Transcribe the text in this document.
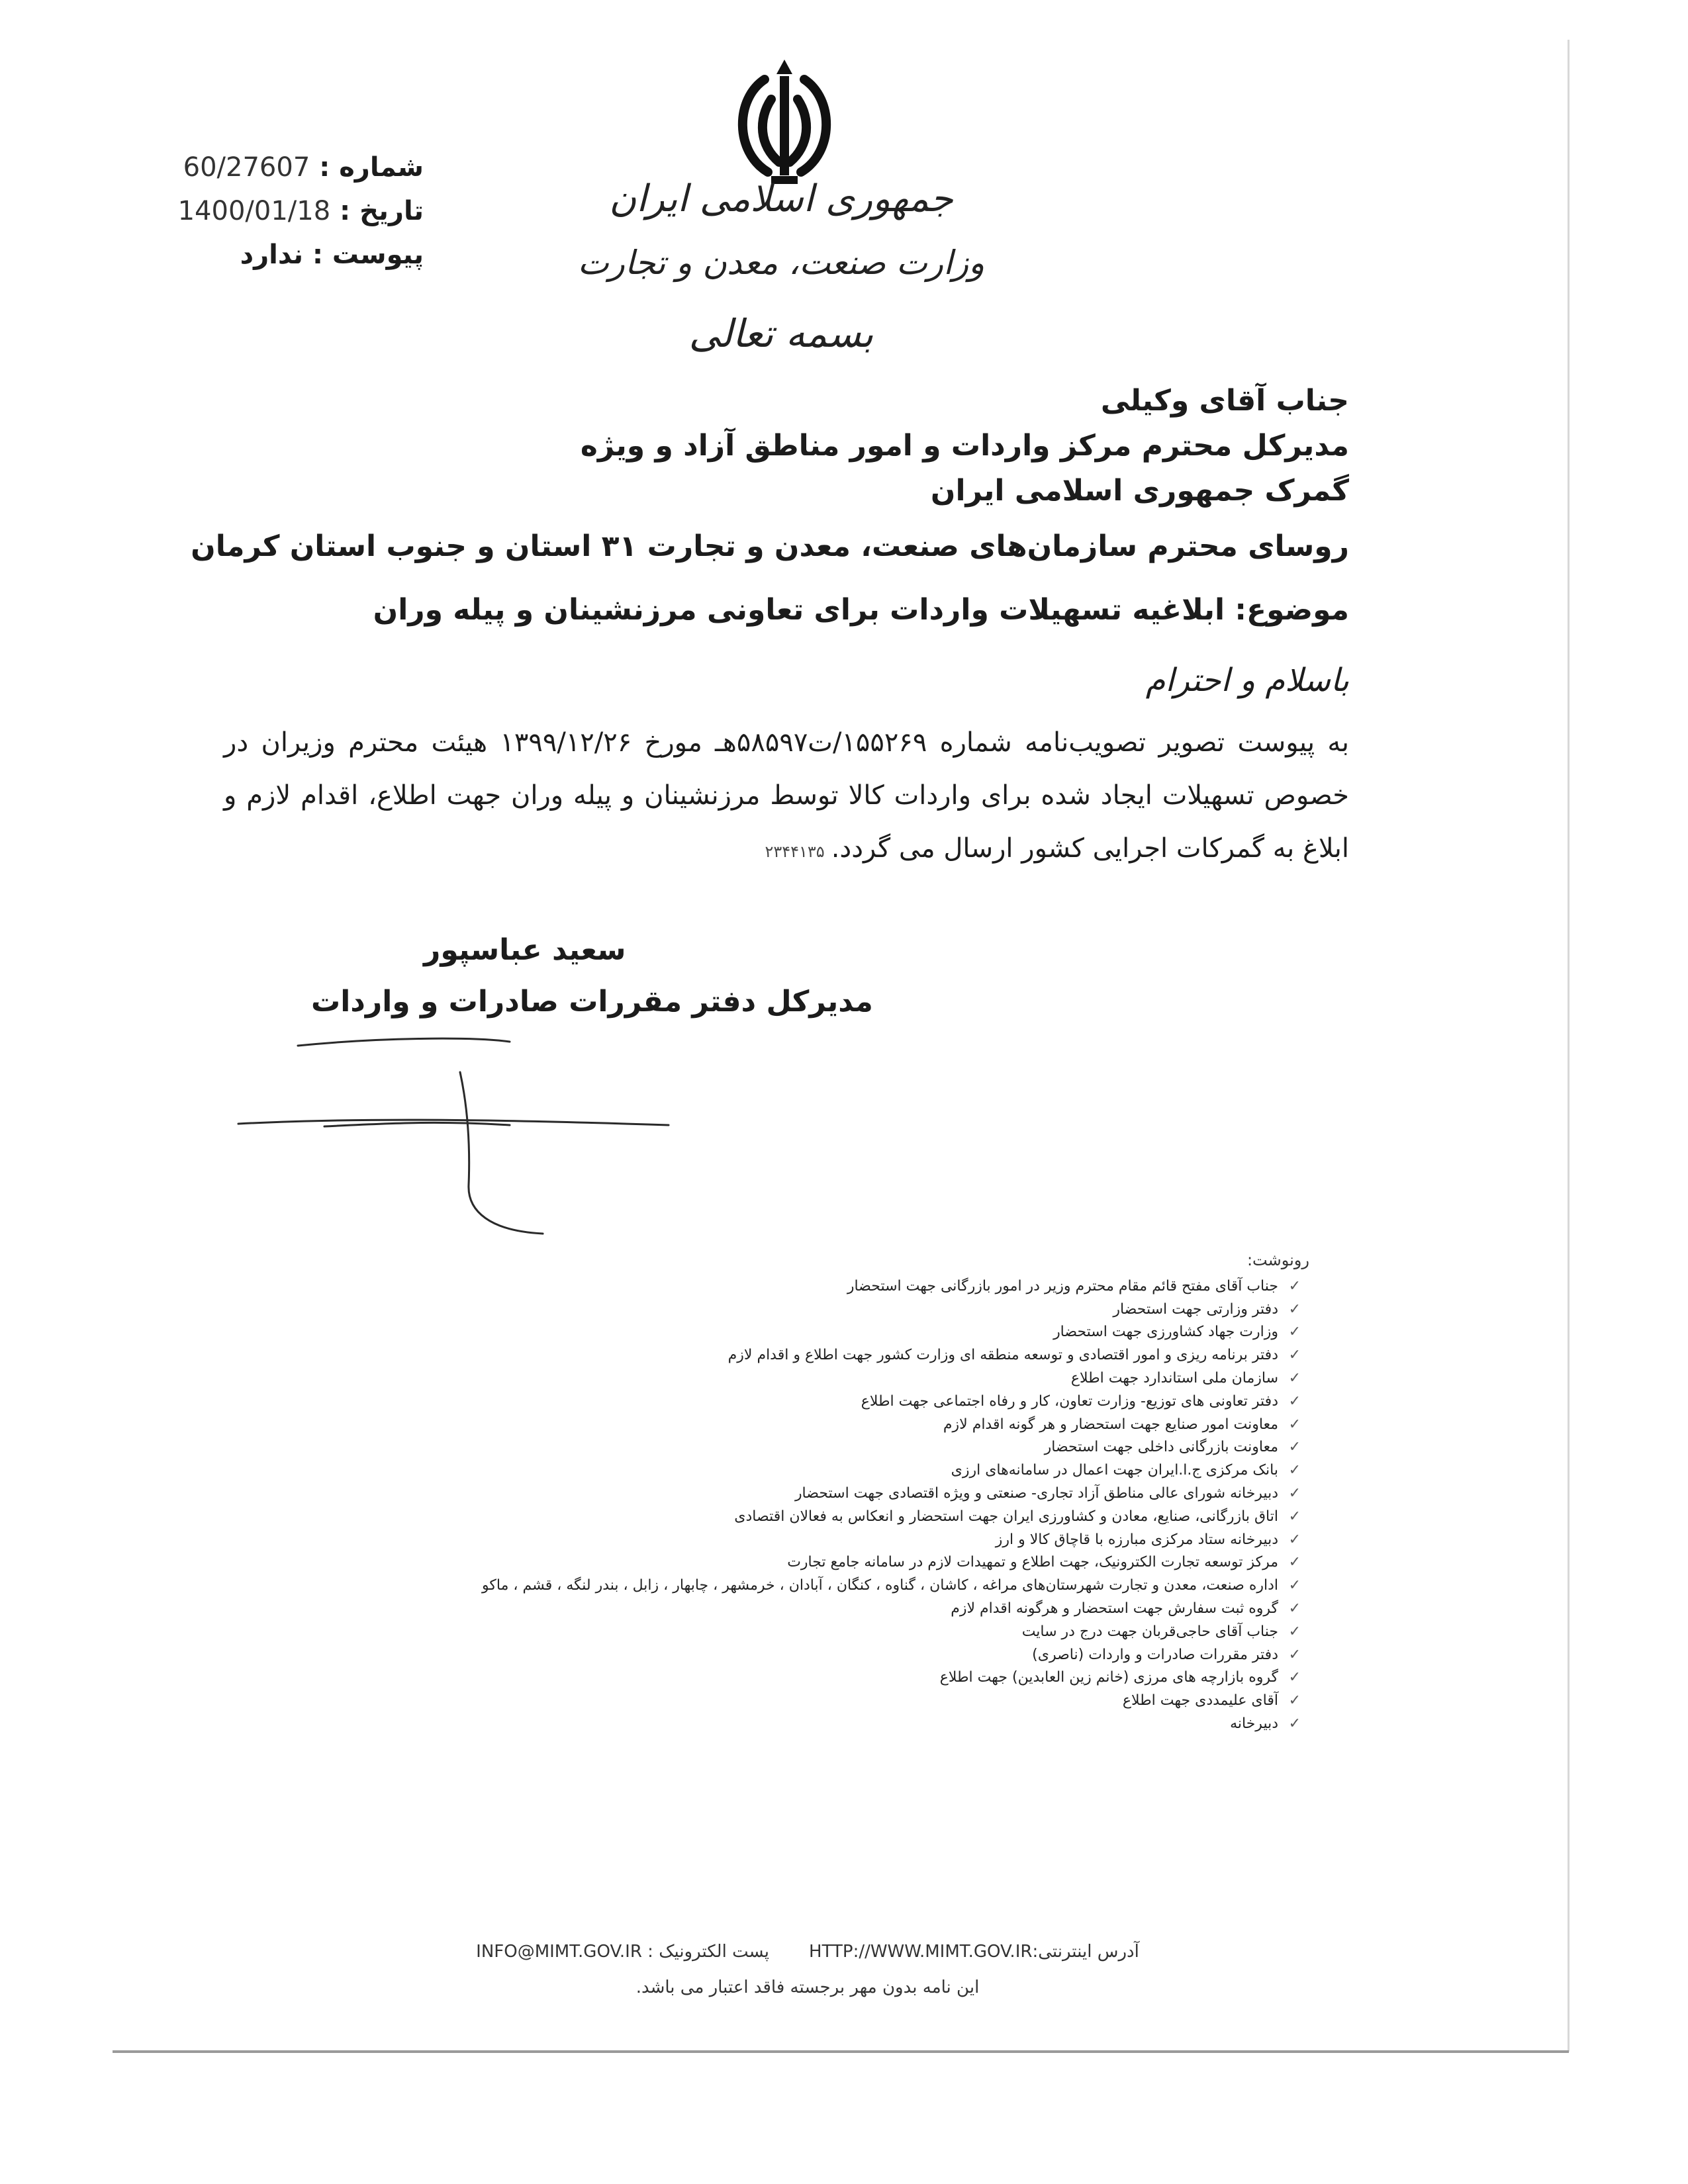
جمهوری اسلامی ایران
وزارت صنعت، معدن و تجارت
بسمه تعالی
شماره :
60/27607
تاریخ :
1400/01/18
پیوست :
ندارد
جناب آقای وکیلی
مدیرکل محترم مرکز واردات و امور مناطق آزاد و ویژه
گمرک جمهوری اسلامی ایران
روسای محترم سازمان‌های صنعت، معدن و تجارت ۳۱ استان و جنوب استان کرمان
موضوع: ابلاغیه تسهیلات واردات برای تعاونی مرزنشینان و پیله وران
باسلام و احترام
به پیوست تصویر تصویب‌نامه شماره ۱۵۵۲۶۹/ت۵۸۵۹۷هـ مورخ ۱۳۹۹/۱۲/۲۶ هیئت محترم وزیران در خصوص تسهیلات ایجاد شده برای واردات کالا توسط مرزنشینان و پیله وران جهت اطلاع، اقدام لازم و ابلاغ به گمرکات اجرایی کشور ارسال می گردد.۲۳۴۴۱۳۵
سعید عباسپور
مدیرکل دفتر مقررات صادرات و واردات
رونوشت:
✓
جناب آقای مفتح قائم مقام محترم وزیر در امور بازرگانی جهت استحضار
✓
دفتر وزارتی جهت استحضار
✓
وزارت جهاد کشاورزی جهت استحضار
✓
دفتر برنامه ریزی و امور اقتصادی و توسعه منطقه ای وزارت کشور جهت اطلاع و اقدام لازم
✓
سازمان ملی استاندارد جهت اطلاع
✓
دفتر تعاونی های توزیع- وزارت تعاون، کار و رفاه اجتماعی جهت اطلاع
✓
معاونت امور صنایع جهت استحضار و هر گونه اقدام لازم
✓
معاونت بازرگانی داخلی جهت استحضار
✓
بانک مرکزی ج.ا.ایران جهت اعمال در سامانه‌های ارزی
✓
دبیرخانه شورای عالی مناطق آزاد تجاری- صنعتی و ویژه اقتصادی جهت استحضار
✓
اتاق بازرگانی، صنایع، معادن و کشاورزی ایران جهت استحضار و انعکاس به فعالان اقتصادی
✓
دبیرخانه ستاد مرکزی مبارزه با قاچاق کالا و ارز
✓
مرکز توسعه تجارت الکترونیک، جهت اطلاع و تمهیدات لازم در سامانه جامع تجارت
✓
اداره صنعت، معدن و تجارت شهرستان‌های مراغه ، کاشان ، گناوه ، کنگان ، آبادان ، خرمشهر ، چابهار ، زابل ، بندر لنگه ، قشم ، ماکو
✓
گروه ثبت سفارش جهت استحضار و هرگونه اقدام لازم
✓
جناب آقای حاجی‌قربان جهت درج در سایت
✓
دفتر مقررات صادرات و واردات (ناصری)
✓
گروه بازارچه های مرزی (خانم زین العابدین) جهت اطلاع
✓
آقای علیمددی جهت اطلاع
✓
دبیرخانه
آدرس اینترنتی:HTTP://WWW.MIMT.GOV.IRپست الکترونیک : INFO@MIMT.GOV.IR
این نامه بدون مهر برجسته فاقد اعتبار می باشد.
